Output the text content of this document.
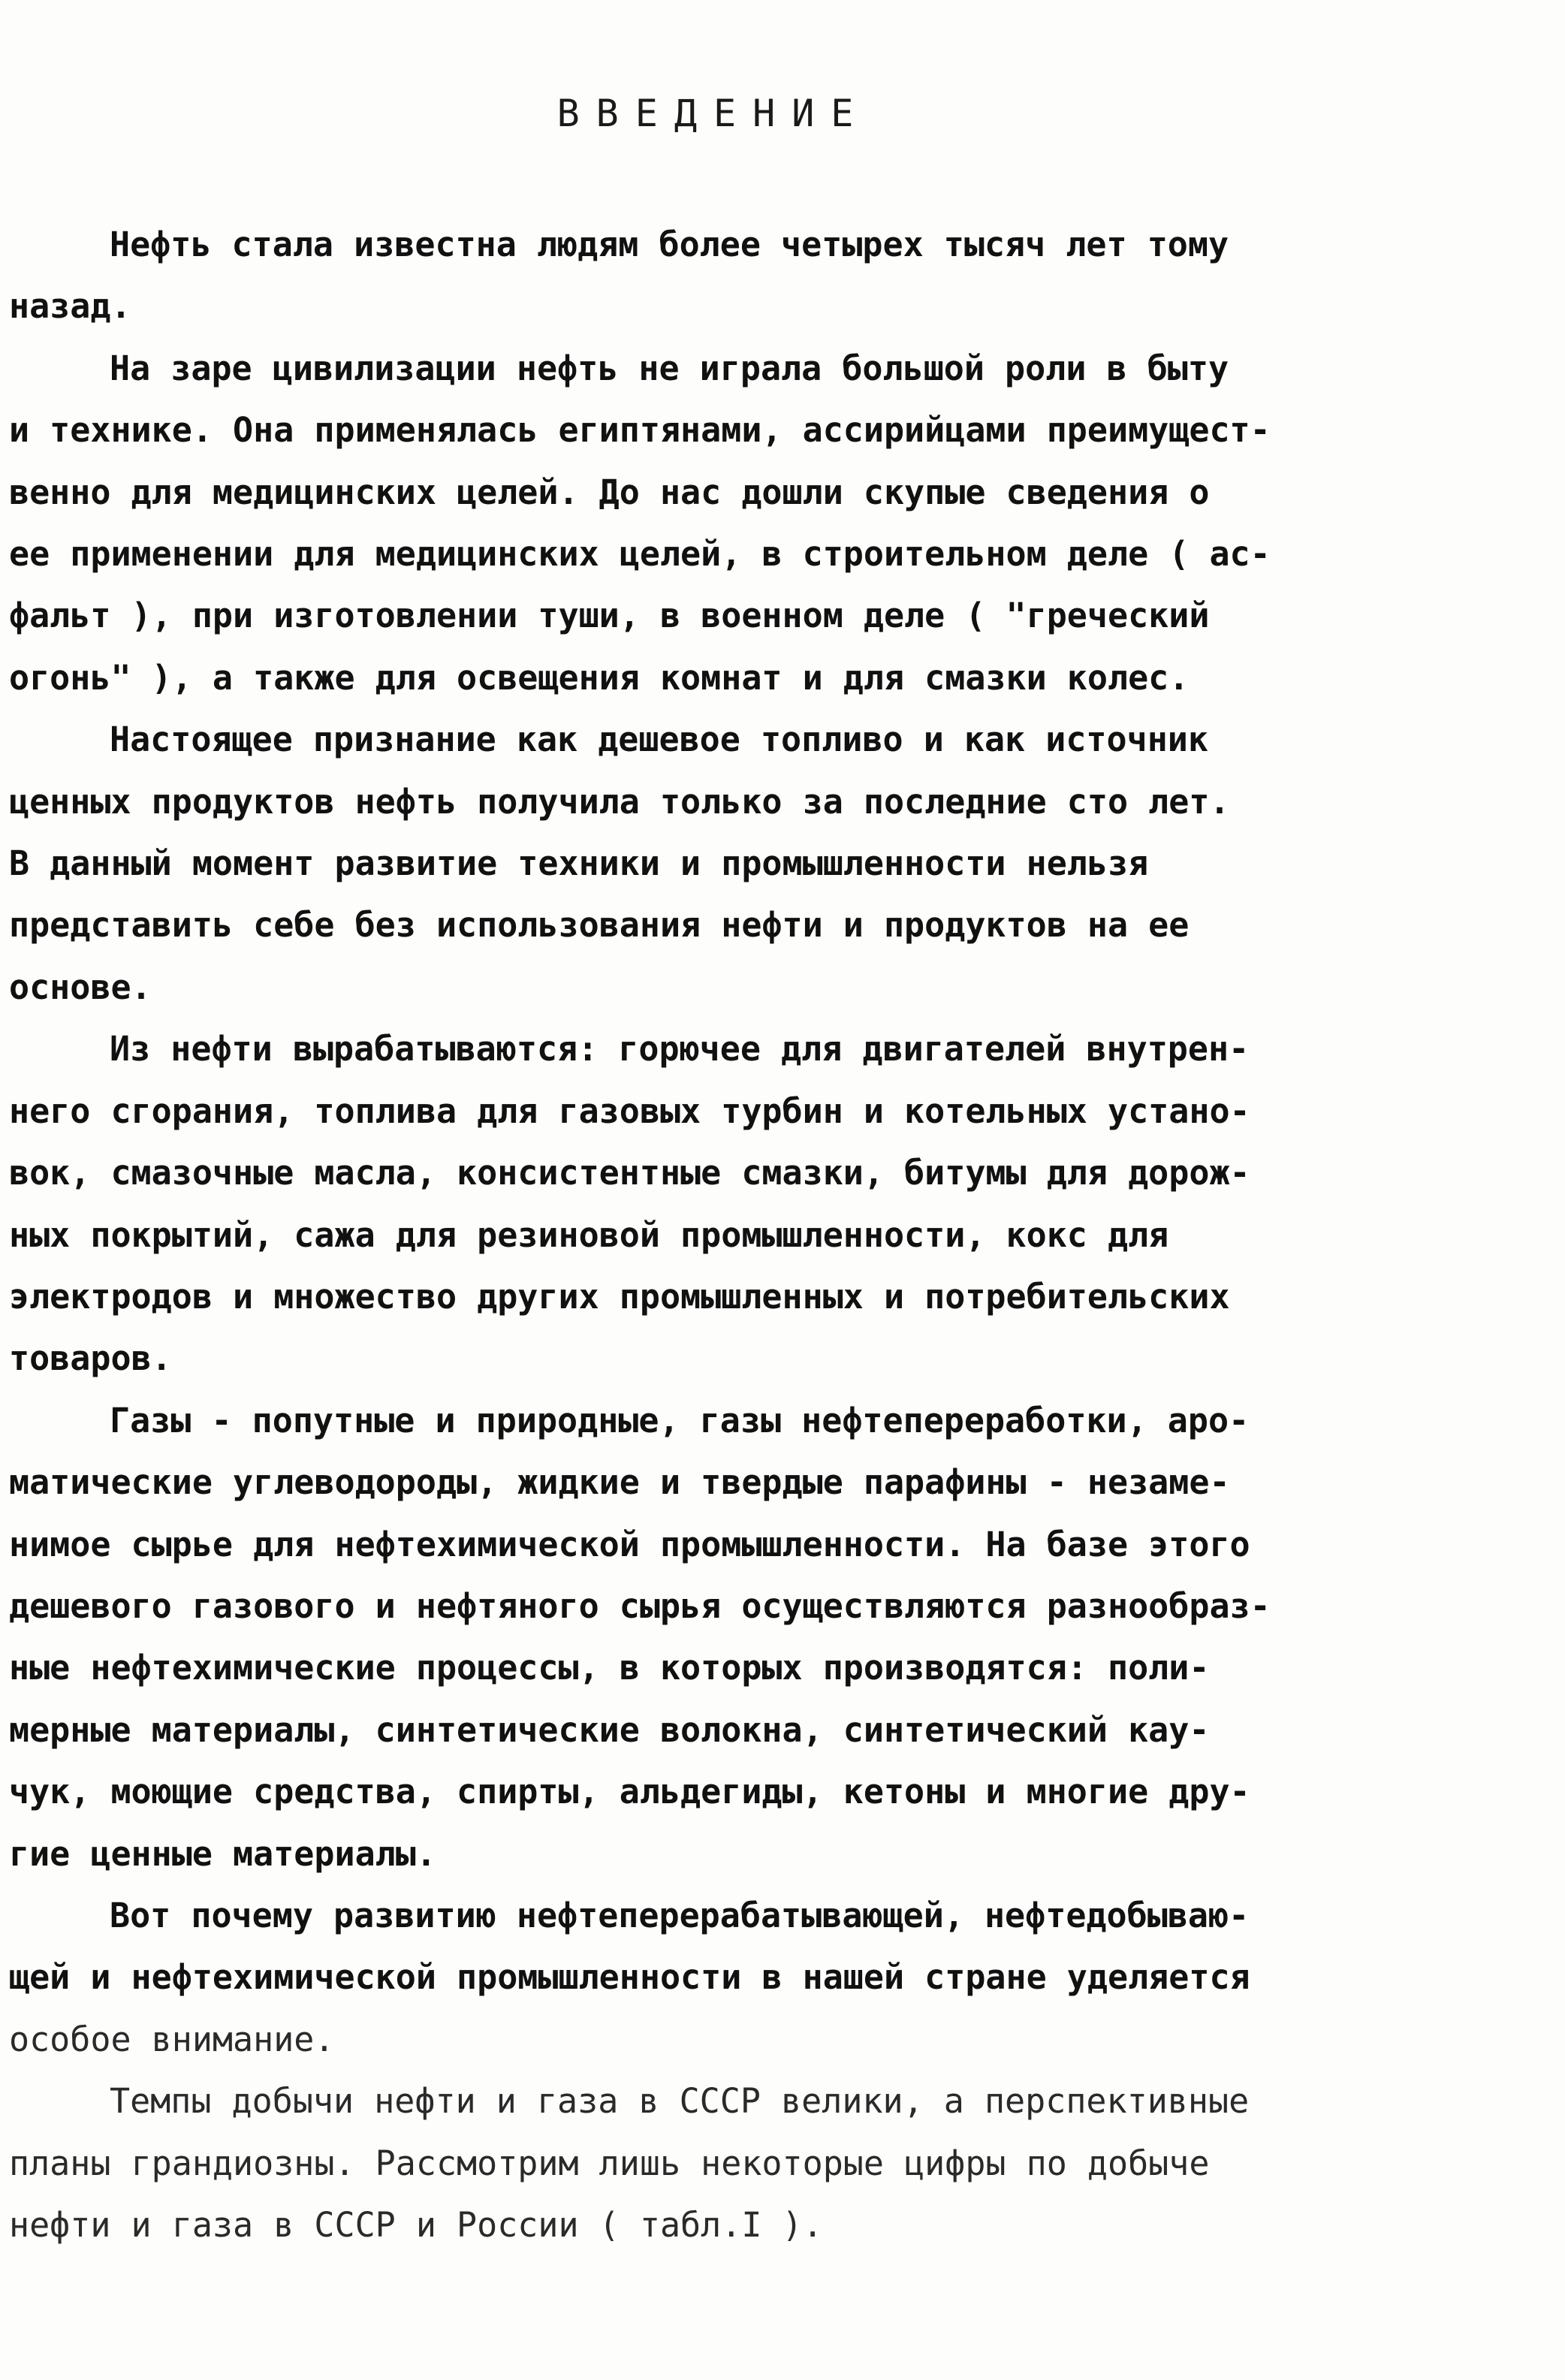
ВВЕДЕНИЕ

Нефть стала известна людям более четырех тысяч лет тому
назад.

На заре цивилизации нефть не играла большой роли в быту
и технике. Она применялась египтянами, ассирийцами преимущест-
венно для медицинских целей. До нас дошли скупые сведения о
ее применении для медицинских целей, в строительном деле ( ас-
фальт ), при изготовлении туши, в военном деле ( "греческий
огонь" ), а также для освещения комнат и для смазки колес.

Настоящее признание как дешевое топливо и как источник
ценных продуктов нефть получила только за последние сто лет.
В данный момент развитие техники и промышленности нельзя
представить себе без использования нефти и продуктов на ее
основе.

Из нефти вырабатываются: горючее для двигателей внутрен-
него сгорания, топлива для газовых турбин и котельных устано-
вок, смазочные масла, консистентные смазки, битумы для дорож-
ных покрытий, сажа для резиновой промышленности, кокс для
электродов и множество других промышленных и потребительских
товаров.

Газы - попутные и природные, газы нефтепереработки, аро-
матические углеводороды, жидкие и твердые парафины - незаме-
нимое сырье для нефтехимической промышленности. На базе этого
дешевого газового и нефтяного сырья осуществляются разнообраз-
ные нефтехимические процессы, в которых производятся: поли-
мерные материалы, синтетические волокна, синтетический кау-
чук, моющие средства, спирты, альдегиды, кетоны и многие дру-
гие ценные материалы.

Вот почему развитию нефтеперерабатывающей, нефтедобываю-
щей и нефтехимической промышленности в нашей стране уделяется
особое внимание.

Темпы добычи нефти и газа в СССР велики, а перспективные
планы грандиозны. Рассмотрим лишь некоторые цифры по добыче
нефти и газа в СССР и России ( табл.I ).
